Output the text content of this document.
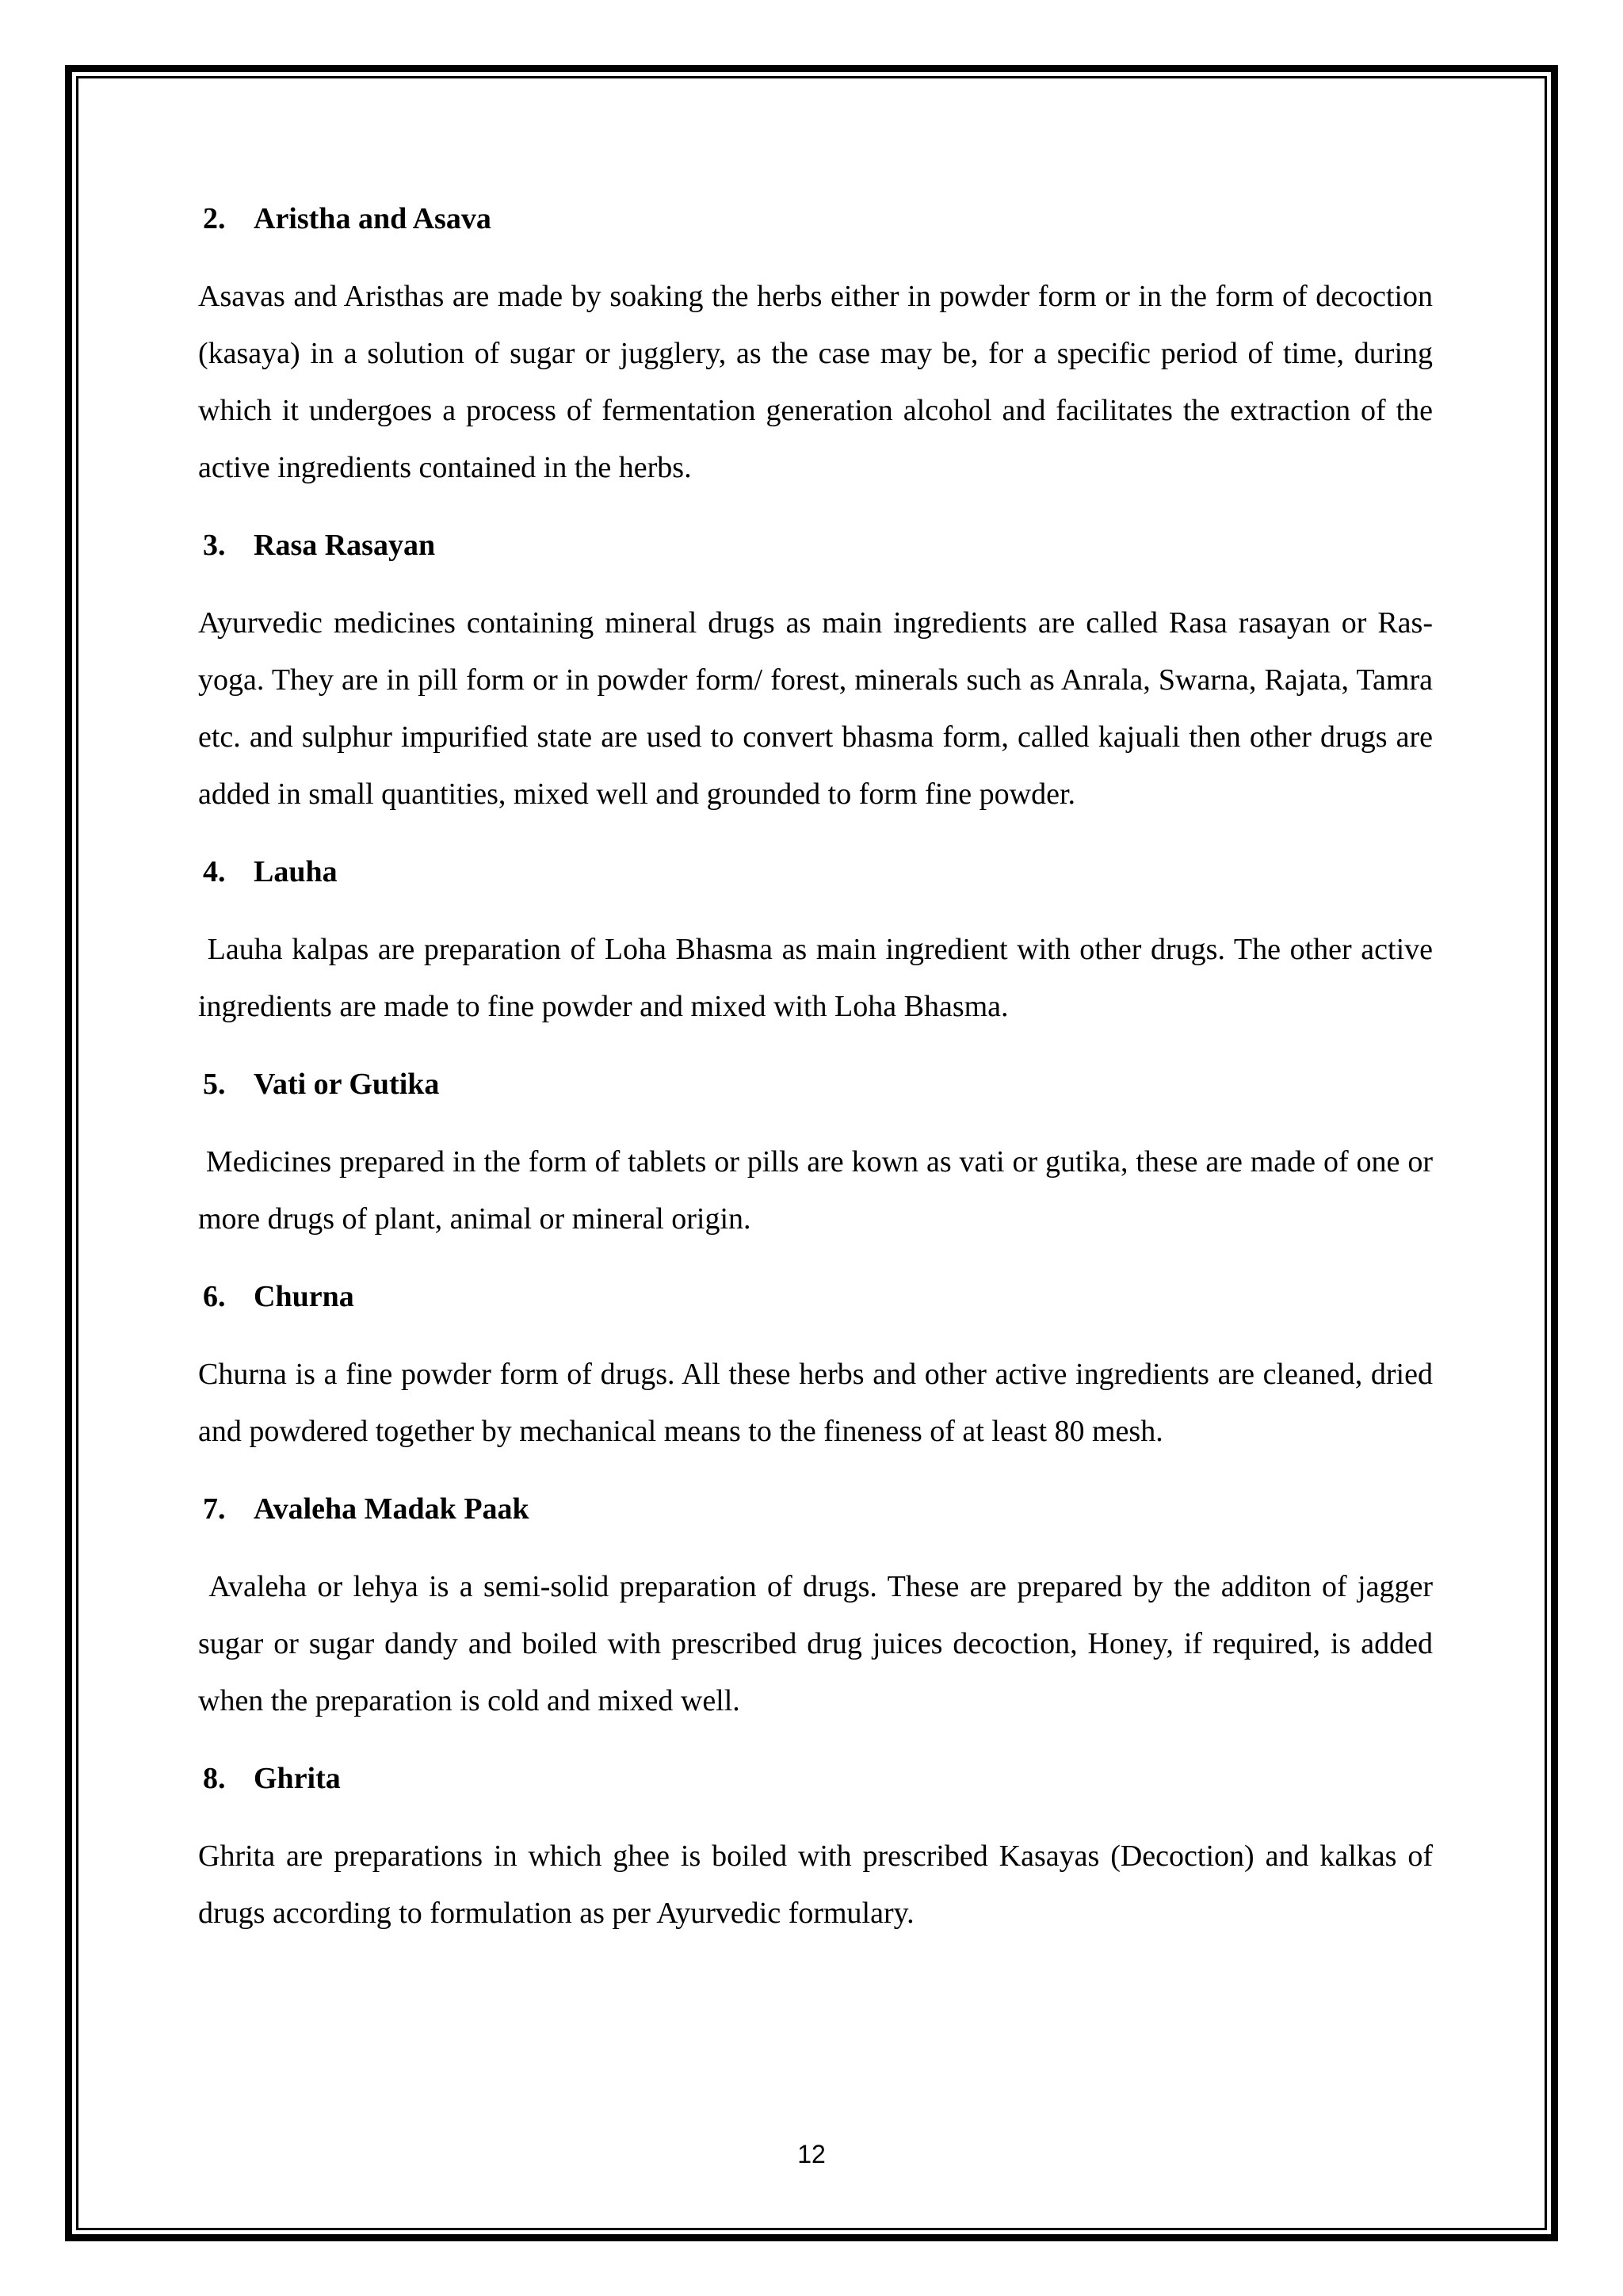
2. Aristha and Asava

Asavas and Aristhas are made by soaking the herbs either in powder form or in the form of decoction (kasaya) in a solution of sugar or jugglery, as the case may be, for a specific period of time, during which it undergoes a process of fermentation generation alcohol and facilitates the extraction of the active ingredients contained in the herbs.

3. Rasa Rasayan

Ayurvedic medicines containing mineral drugs as main ingredients are called Rasa rasayan or Ras-yoga. They are in pill form or in powder form/ forest, minerals such as Anrala, Swarna, Rajata, Tamra etc. and sulphur impurified state are used to convert bhasma form, called kajuali then other drugs are added in small quantities, mixed well and grounded to form fine powder.

4. Lauha

Lauha kalpas are preparation of Loha Bhasma as main ingredient with other drugs. The other active ingredients are made to fine powder and mixed with Loha Bhasma.

5. Vati or Gutika

Medicines prepared in the form of tablets or pills are kown as vati or gutika, these are made of one or more drugs of plant, animal or mineral origin.

6. Churna

Churna is a fine powder form of drugs. All these herbs and other active ingredients are cleaned, dried and powdered together by mechanical means to the fineness of at least 80 mesh.

7. Avaleha Madak Paak

Avaleha or lehya is a semi-solid preparation of drugs. These are prepared by the additon of jagger sugar or sugar dandy and boiled with prescribed drug juices decoction, Honey, if required, is added when the preparation is cold and mixed well.

8. Ghrita

Ghrita are preparations in which ghee is boiled with prescribed Kasayas (Decoction) and kalkas of drugs according to formulation as per Ayurvedic formulary.

12
